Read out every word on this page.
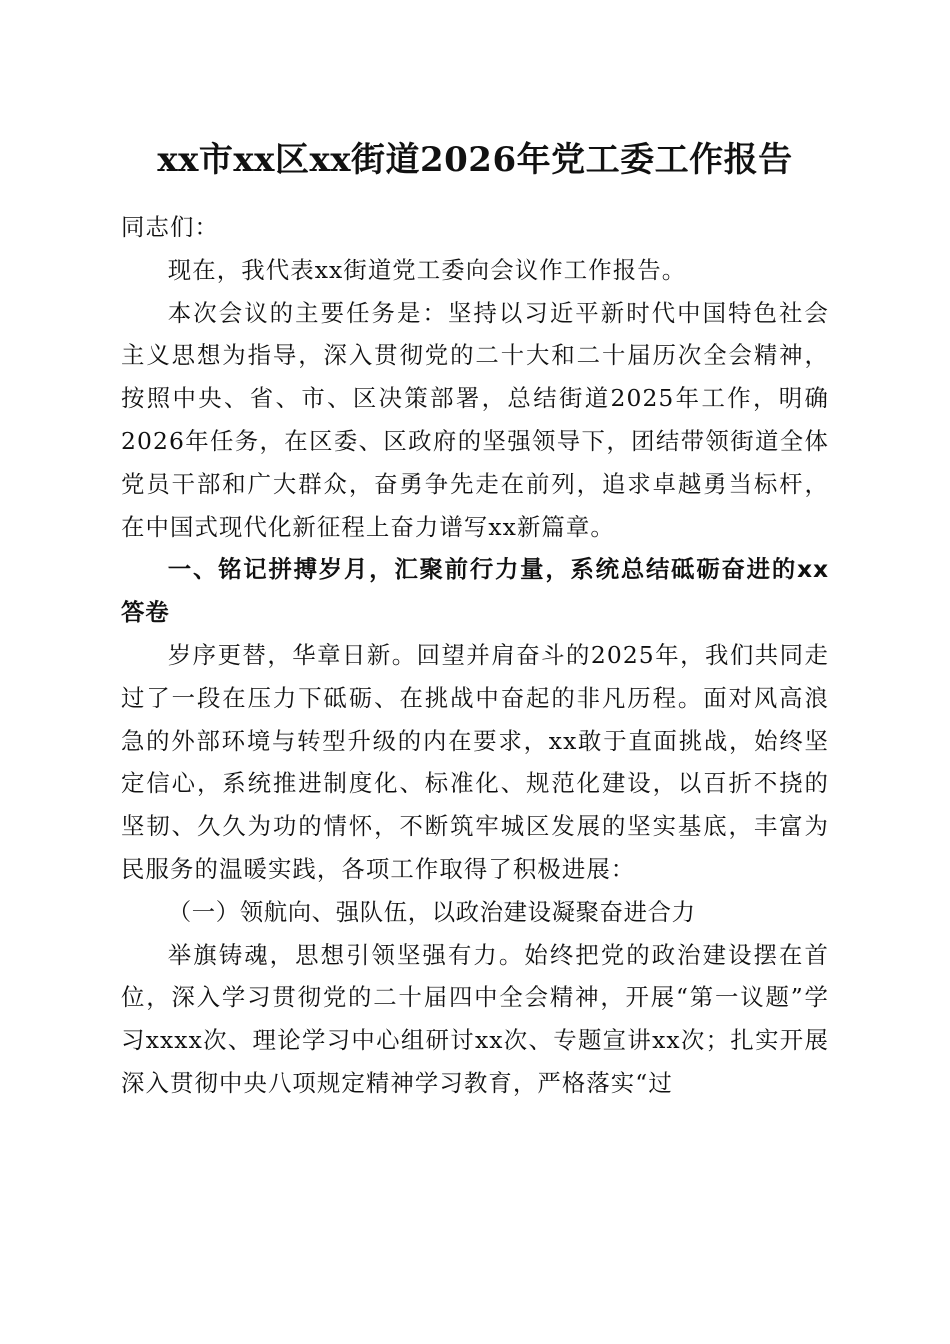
xx市xx区xx街道2026年党工委工作报告

同志们：

现在，我代表xx街道党工委向会议作工作报告。

本次会议的主要任务是：坚持以习近平新时代中国特色社会主义思想为指导，深入贯彻党的二十大和二十届历次全会精神，按照中央、省、市、区决策部署，总结街道2025年工作，明确2026年任务，在区委、区政府的坚强领导下，团结带领街道全体党员干部和广大群众，奋勇争先走在前列，追求卓越勇当标杆，在中国式现代化新征程上奋力谱写xx新篇章。

一、铭记拼搏岁月，汇聚前行力量，系统总结砥砺奋进的xx答卷

岁序更替，华章日新。回望并肩奋斗的2025年，我们共同走过了一段在压力下砥砺、在挑战中奋起的非凡历程。面对风高浪急的外部环境与转型升级的内在要求，xx敢于直面挑战，始终坚定信心，系统推进制度化、标准化、规范化建设，以百折不挠的坚韧、久久为功的情怀，不断筑牢城区发展的坚实基底，丰富为民服务的温暖实践，各项工作取得了积极进展：

（一）领航向、强队伍，以政治建设凝聚奋进合力

举旗铸魂，思想引领坚强有力。始终把党的政治建设摆在首位，深入学习贯彻党的二十届四中全会精神，开展“第一议题”学习xxxx次、理论学习中心组研讨xx次、专题宣讲xx次；扎实开展深入贯彻中央八项规定精神学习教育，严格落实“过
